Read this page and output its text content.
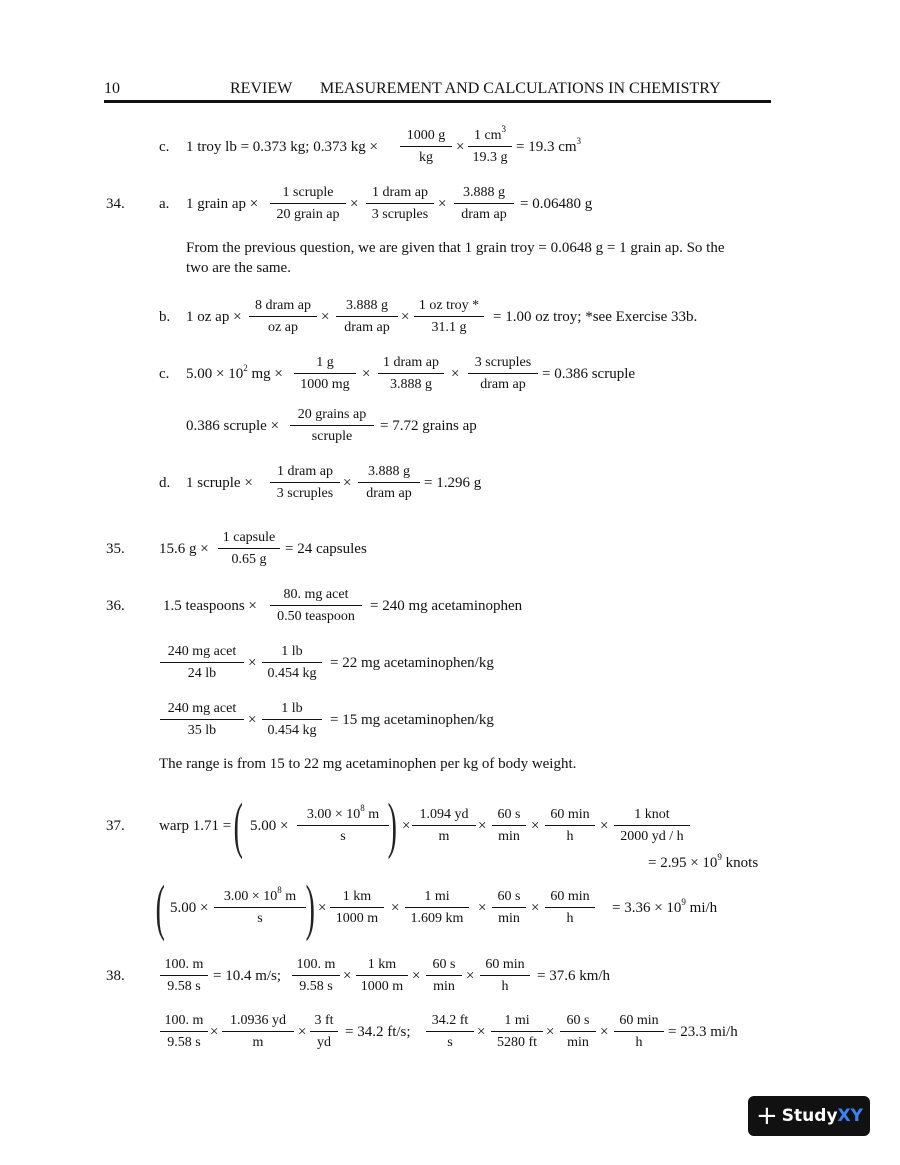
10	REVIEW MEASUREMENT AND CALCULATIONS IN CHEMISTRY
c. 1 troy lb = 0.373 kg; 0.373 kg × $\frac{1000 g}{kg} \times \frac{1 cm^3}{19.3 g} = 19.3$ $cm^3$
34. a. 1 grain ap ×
1 scruple
20 grain ap
×
1 dram ap
3 scruples
×
3.888 g
dram ap
= 0.06480 g
From the previous question, we are given that 1 grain troy = 0.0648 g = 1 grain ap. So the
two are the same.
b. 1 oz ap ×
8 dram ap
oz ap
×
3.888 g
dram ap
×
1 oz troy *
31.1 g
= 1.00 oz troy; *see Exercise 33b.
c. $5.00 \times 10^2$ mg × $\frac{1 g}{1000 mg}$ ×
1 dram ap
3.888 g
×
3 scruples
dram ap
= 0.386 scruple
0.386 scruple ×
20 grains ap
scruple
= 7.72 grains ap
d. 1 scruple ×
1 dram ap
3 scruples
×
3.888 g
dram ap
= 1.296 g
35. 15.6 g ×
1 capsule
0.65 g
= 24 capsules
36.	1.5 teaspoons ×
80. mg acet
0.50 teaspoon
= 240 mg acetaminophen
240 mg acet
24 lb
× $\frac{1 lb}{0.454 kg} = 22$ mg acetaminophen/kg
240 mg acet
35 lb
× $\frac{1 lb}{0.454 kg} = 15$ mg acetaminophen/kg
The range is from 15 to 22 mg acetaminophen per kg of body weight.
37. warp 1.71 = ( $5.00 \times \frac{3.00 \times 10^8 m}{s}$
) × $\frac{1.094 yd}{m}$ ×
60 s
min
×
60 min
h
×
1 knot
2000 yd / h
= $2.95 \times 10^9$ knots
( $5.00 \times \frac{3.00 \times 10^8 m}{s}$ ) × $\frac{1 km}{1000 m} \times \frac{1 mi}{1.609 km}$ ×
60 s
min
×
60 min
h
= $3.36 \times 10^9$ mi/h
38.	$\frac{100. m}{9.58 s} = 10.4$ m/s; $\frac{100. m}{9.58 s} \times \frac{1 km}{1000 m}$ ×
60 s
min
×
60 min
h
= 37.6 km/h
$\frac{100. m}{9.58 s} \times \frac{1.0936 yd}{m} \times \frac{3 ft}{yd} = 34.2$ ft/s; $\frac{34.2 ft}{s} \times \frac{1 mi}{5280 ft}$ ×
60 s
min
×
60 min
h
= 23.3 mi/h
+ Study XY
